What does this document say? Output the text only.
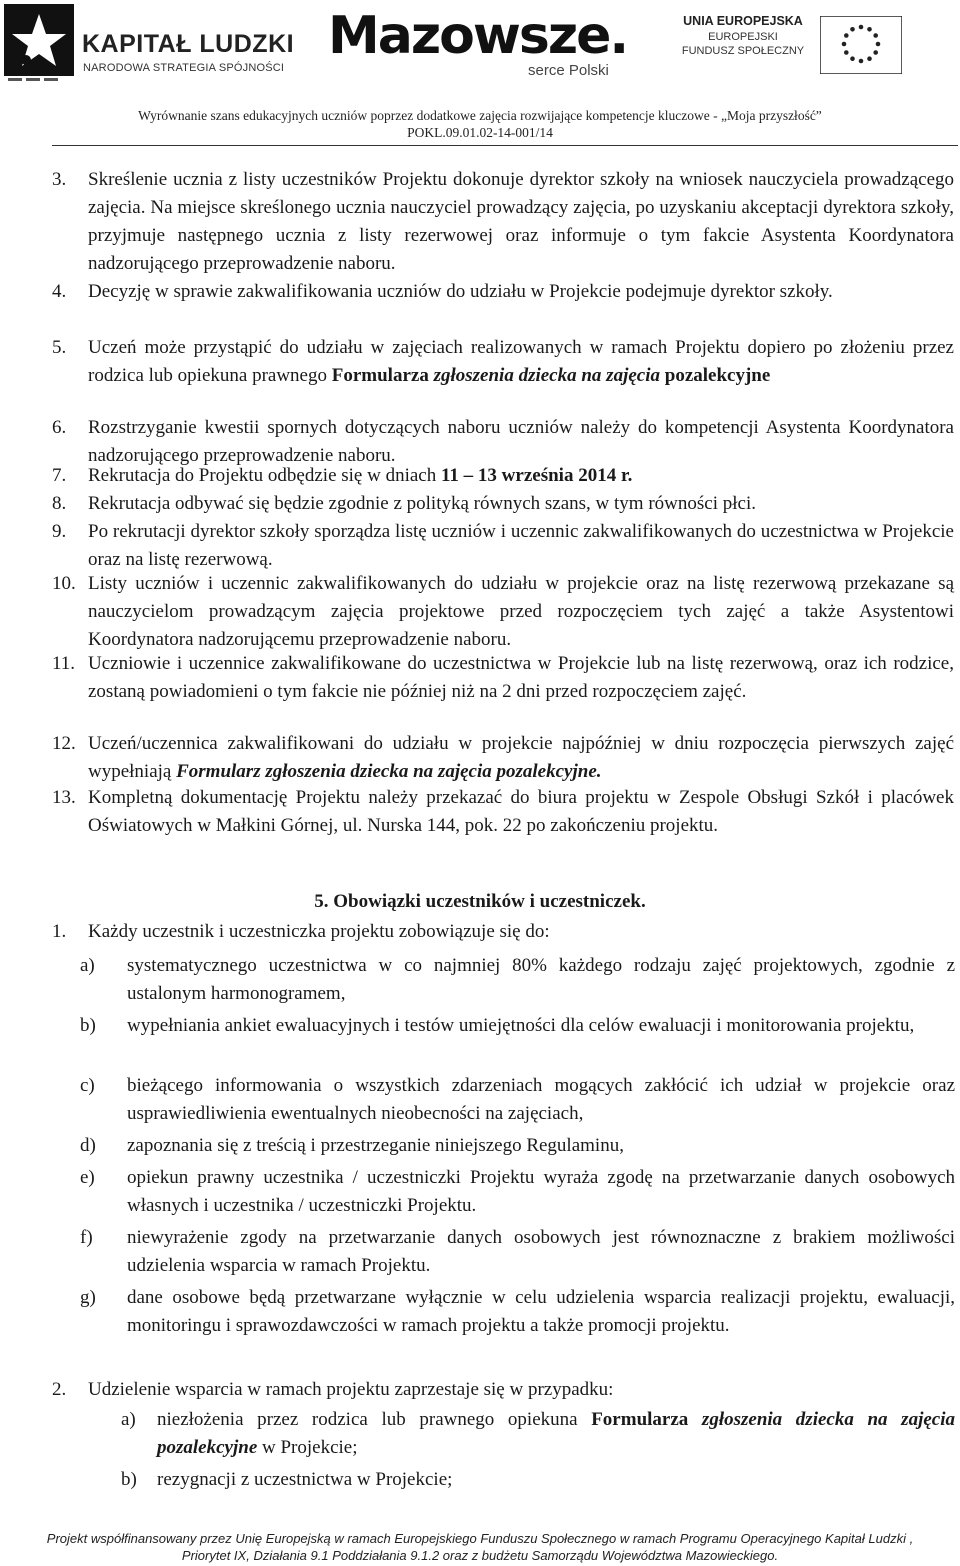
KAPITAŁ LUDZKI
NARODOWA STRATEGIA SPÓJNOŚCI
Mazowsze.
serce Polski
UNIA EUROPEJSKA
EUROPEJSKI
FUNDUSZ SPOŁECZNY
Wyrównanie szans edukacyjnych uczniów poprzez dodatkowe zajęcia rozwijające kompetencje kluczowe - „Moja przyszłość”
POKL.09.01.02-14-001/14
3. Skreślenie ucznia z listy uczestników Projektu dokonuje dyrektor szkoły na wniosek nauczyciela prowadzącego zajęcia. Na miejsce skreślonego ucznia nauczyciel prowadzący zajęcia, po uzyskaniu akceptacji dyrektora szkoły, przyjmuje następnego ucznia z listy rezerwowej oraz informuje o tym fakcie Asystenta Koordynatora nadzorującego przeprowadzenie naboru.
4. Decyzję w sprawie zakwalifikowania uczniów do udziału w Projekcie podejmuje dyrektor szkoły.
5. Uczeń może przystąpić do udziału w zajęciach realizowanych w ramach Projektu dopiero po złożeniu przez rodzica lub opiekuna prawnego Formularza zgłoszenia dziecka na zajęcia pozalekcyjne
6. Rozstrzyganie kwestii spornych dotyczących naboru uczniów należy do kompetencji Asystenta Koordynatora nadzorującego przeprowadzenie naboru.
7. Rekrutacja do Projektu odbędzie się w dniach 11 – 13 września 2014 r.
8. Rekrutacja odbywać się będzie zgodnie z polityką równych szans, w tym równości płci.
9. Po rekrutacji dyrektor szkoły sporządza listę uczniów i uczennic zakwalifikowanych do uczestnictwa w Projekcie oraz na listę rezerwową.
10. Listy uczniów i uczennic zakwalifikowanych do udziału w projekcie oraz na listę rezerwową przekazane są nauczycielom prowadzącym zajęcia projektowe przed rozpoczęciem tych zajęć a także Asystentowi Koordynatora nadzorującemu przeprowadzenie naboru.
11. Uczniowie i uczennice zakwalifikowane do uczestnictwa w Projekcie lub na listę rezerwową, oraz ich rodzice, zostaną powiadomieni o tym fakcie nie później niż na 2 dni przed rozpoczęciem zajęć.
12. Uczeń/uczennica zakwalifikowani do udziału w projekcie najpóźniej w dniu rozpoczęcia pierwszych zajęć wypełniają Formularz zgłoszenia dziecka na zajęcia pozalekcyjne.
13. Kompletną dokumentację Projektu należy przekazać do biura projektu w Zespole Obsługi Szkół i placówek Oświatowych w Małkini Górnej, ul. Nurska 144, pok. 22 po zakończeniu projektu.
5. Obowiązki uczestników i uczestniczek.
1. Każdy uczestnik i uczestniczka projektu zobowiązuje się do:
a) systematycznego uczestnictwa w co najmniej 80% każdego rodzaju zajęć projektowych, zgodnie z ustalonym harmonogramem,
b) wypełniania ankiet ewaluacyjnych i testów umiejętności dla celów ewaluacji i monitorowania projektu,
c) bieżącego informowania o wszystkich zdarzeniach mogących zakłócić ich udział w projekcie oraz usprawiedliwienia ewentualnych nieobecności na zajęciach,
d) zapoznania się z treścią i przestrzeganie niniejszego Regulaminu,
e) opiekun prawny uczestnika / uczestniczki Projektu wyraża zgodę na przetwarzanie danych osobowych własnych i uczestnika / uczestniczki Projektu.
f) niewyrażenie zgody na przetwarzanie danych osobowych jest równoznaczne z brakiem możliwości udzielenia wsparcia w ramach Projektu.
g) dane osobowe będą przetwarzane wyłącznie w celu udzielenia wsparcia realizacji projektu, ewaluacji, monitoringu i sprawozdawczości w ramach projektu a także promocji projektu.
2. Udzielenie wsparcia w ramach projektu zaprzestaje się w przypadku:
a) niezłożenia przez rodzica lub prawnego opiekuna Formularza zgłoszenia dziecka na zajęcia pozalekcyjne w Projekcie;
b) rezygnacji z uczestnictwa w Projekcie;
Projekt współfinansowany przez Unię Europejską w ramach Europejskiego Funduszu Społecznego w ramach Programu Operacyjnego Kapitał Ludzki ,
Priorytet IX, Działania 9.1 Poddziałania 9.1.2 oraz z budżetu Samorządu Województwa Mazowieckiego.
